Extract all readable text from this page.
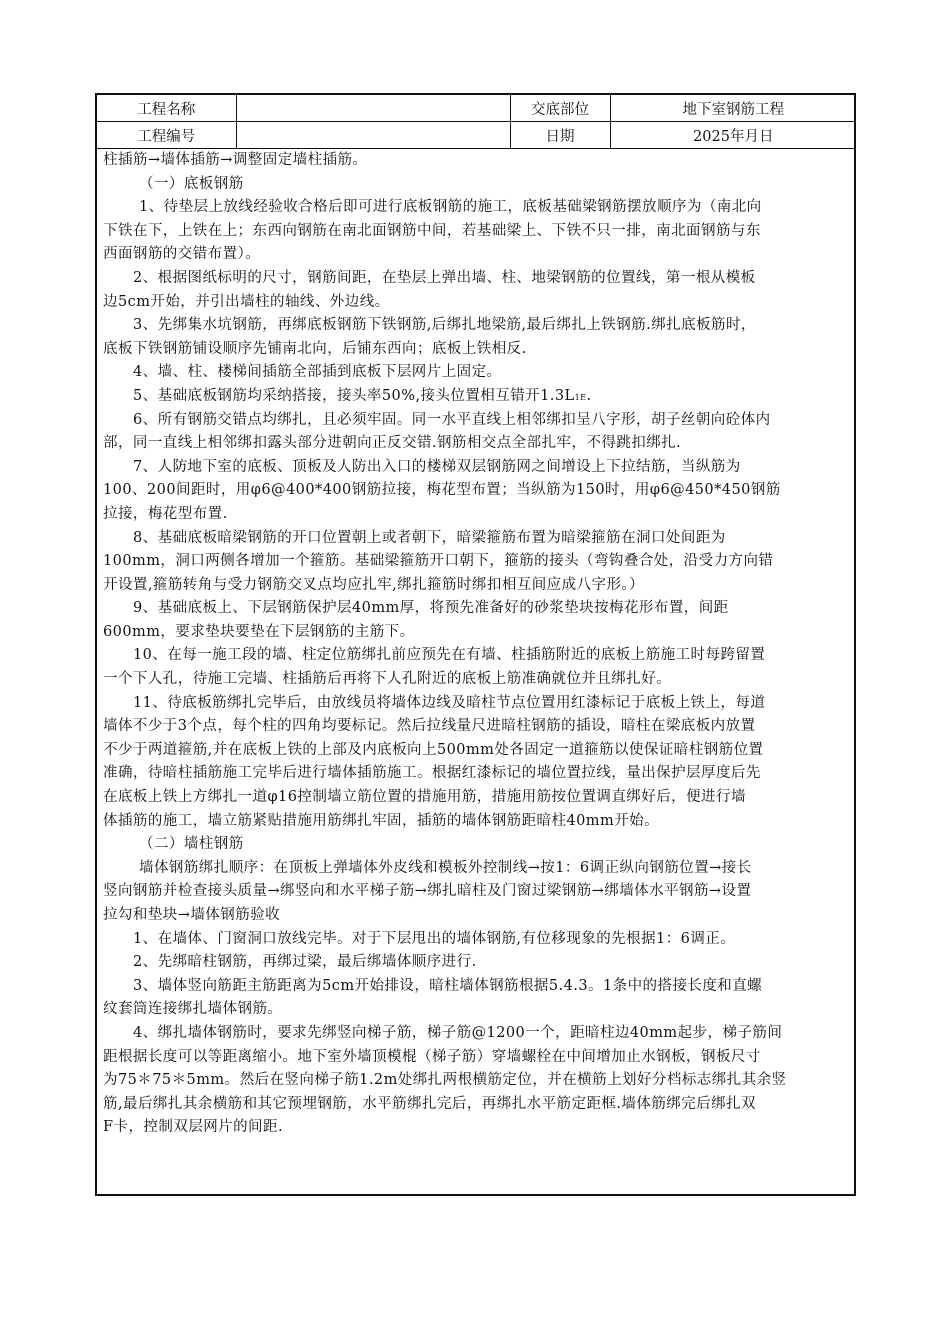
工程名称		交底部位	地下室钢筋工程
工程编号		日期	2025年月日
柱插筋→墙体插筋→调整固定墙柱插筋。
（一）底板钢筋
1、待垫层上放线经验收合格后即可进行底板钢筋的施工，底板基础梁钢筋摆放顺序为（南北向
下铁在下，上铁在上；东西向钢筋在南北面钢筋中间，若基础梁上、下铁不只一排，南北面钢筋与东
西面钢筋的交错布置）。
2、根据图纸标明的尺寸，钢筋间距，在垫层上弹出墙、柱、地梁钢筋的位置线，第一根从模板
边5cm开始，并引出墙柱的轴线、外边线。
3、先绑集水坑钢筋，再绑底板钢筋下铁钢筋,后绑扎地梁筋,最后绑扎上铁钢筋.绑扎底板筋时，
底板下铁钢筋铺设顺序先铺南北向，后铺东西向；底板上铁相反.
4、墙、柱、楼梯间插筋全部插到底板下层网片上固定。
5、基础底板钢筋均采纳搭接，接头率50%,接头位置相互错开1.3L1E.
6、所有钢筋交错点均绑扎，且必须牢固。同一水平直线上相邻绑扣呈八字形，胡子丝朝向砼体内
部，同一直线上相邻绑扣露头部分进朝向正反交错.钢筋相交点全部扎牢，不得跳扣绑扎.
7、人防地下室的底板、顶板及人防出入口的楼梯双层钢筋网之间增设上下拉结筋，当纵筋为
100、200间距时，用φ6@400*400钢筋拉接，梅花型布置；当纵筋为150时，用φ6@450*450钢筋
拉接，梅花型布置.
8、基础底板暗梁钢筋的开口位置朝上或者朝下，暗梁箍筋布置为暗梁箍筋在洞口处间距为
100mm，洞口两侧各增加一个箍筋。基础梁箍筋开口朝下，箍筋的接头（弯钩叠合处，沿受力方向错
开设置,箍筋转角与受力钢筋交叉点均应扎牢,绑扎箍筋时绑扣相互间应成八字形。）
9、基础底板上、下层钢筋保护层40mm厚，将预先准备好的砂浆垫块按梅花形布置，间距
600mm，要求垫块要垫在下层钢筋的主筋下。
10、在每一施工段的墙、柱定位筋绑扎前应预先在有墙、柱插筋附近的底板上筋施工时每跨留置
一个下人孔，待施工完墙、柱插筋后再将下人孔附近的底板上筋准确就位并且绑扎好。
11、待底板筋绑扎完毕后，由放线员将墙体边线及暗柱节点位置用红漆标记于底板上铁上，每道
墙体不少于3个点，每个柱的四角均要标记。然后拉线量尺进暗柱钢筋的插设，暗柱在梁底板内放置
不少于两道箍筋,并在底板上铁的上部及内底板向上500mm处各固定一道箍筋以使保证暗柱钢筋位置
准确，待暗柱插筋施工完毕后进行墙体插筋施工。根据红漆标记的墙位置拉线，量出保护层厚度后先
在底板上铁上方绑扎一道φ16控制墙立筋位置的措施用筋，措施用筋按位置调直绑好后，便进行墙
体插筋的施工，墙立筋紧贴措施用筋绑扎牢固，插筋的墙体钢筋距暗柱40mm开始。
（二）墙柱钢筋
墙体钢筋绑扎顺序：在顶板上弹墙体外皮线和模板外控制线→按1：6调正纵向钢筋位置→接长
竖向钢筋并检查接头质量→绑竖向和水平梯子筋→绑扎暗柱及门窗过梁钢筋→绑墙体水平钢筋→设置
拉勾和垫块→墙体钢筋验收
1、在墙体、门窗洞口放线完毕。对于下层甩出的墙体钢筋,有位移现象的先根据1：6调正。
2、先绑暗柱钢筋，再绑过梁，最后绑墙体顺序进行.
3、墙体竖向筋距主筋距离为5cm开始排设，暗柱墙体钢筋根据5.4.3。1条中的搭接长度和直螺
纹套筒连接绑扎墙体钢筋。
4、绑扎墙体钢筋时，要求先绑竖向梯子筋，梯子筋@1200一个，距暗柱边40mm起步，梯子筋间
距根据长度可以等距离缩小。地下室外墙顶模棍（梯子筋）穿墙螺栓在中间增加止水钢板，钢板尺寸
为75＊75＊5mm。然后在竖向梯子筋1.2m处绑扎两根横筋定位，并在横筋上划好分档标志绑扎其余竖
筋,最后绑扎其余横筋和其它预埋钢筋，水平筋绑扎完后，再绑扎水平筋定距框.墙体筋绑完后绑扎双
F卡，控制双层网片的间距.
